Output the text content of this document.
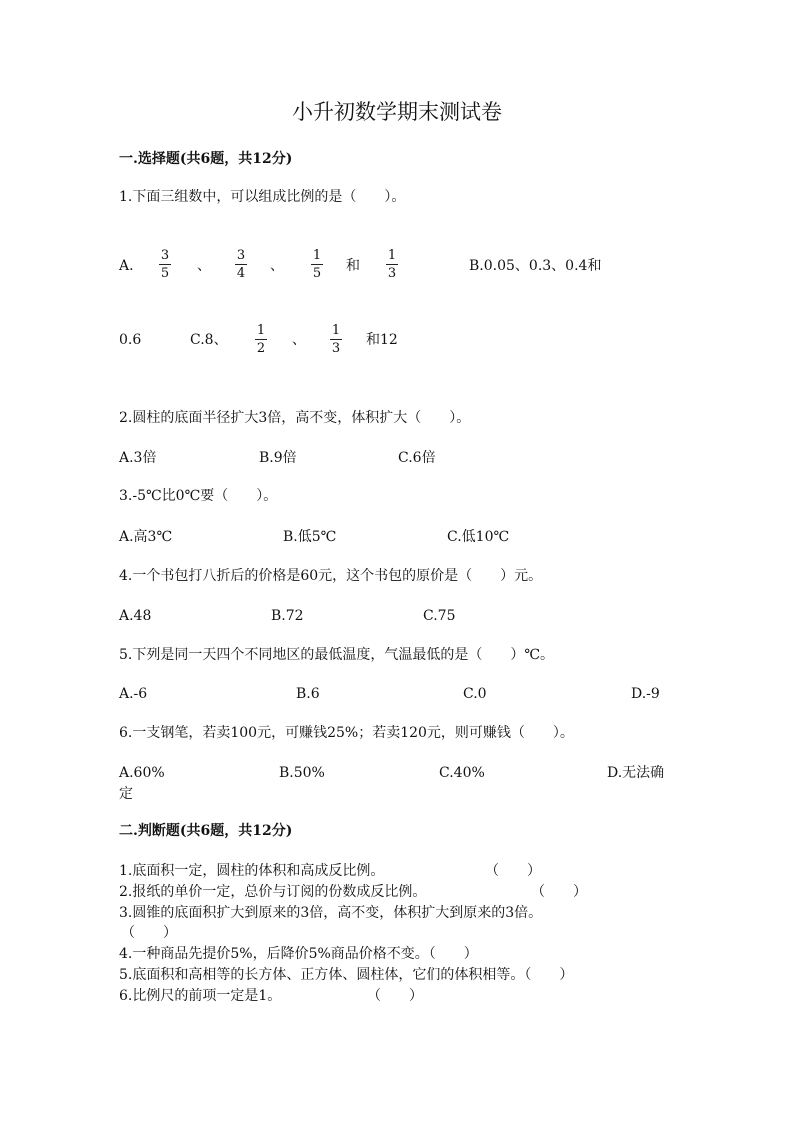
小升初数学期末测试卷
一.选择题(共6题，共12分)
1.下面三组数中，可以组成比例的是（　　）。
A.
3
5 、
3
4 、
1
5 和
1
3	B.0.05、0.3、0.4和
0.6	C.8、
1
2
、
1
3
和12
2.圆柱的底面半径扩大3倍，高不变，体积扩大（　　）。
A.3倍	B.9倍	C.6倍
3.-5℃比0℃要（　　）。
A.高3℃	B.低5℃	C.低10℃
4.一个书包打八折后的价格是60元，这个书包的原价是（　　）元。
A.48	B.72	C.75
5.下列是同一天四个不同地区的最低温度，气温最低的是（　　）℃。
A.-6	B.6	C.0	D.-9
6.一支钢笔，若卖100元，可赚钱25%；若卖120元，则可赚钱（　　）。
A.60%	B.50%	C.40%	D.无法确
定
二.判断题(共6题，共12分)
1.底面积一定，圆柱的体积和高成反比例。	（　　）
2.报纸的单价一定，总价与订阅的份数成反比例。	（　　）
3.圆锥的底面积扩大到原来的3倍，高不变，体积扩大到原来的3倍。
（　　）
4.一种商品先提价5%，后降价5%商品价格不变。（　　）
5.底面积和高相等的长方体、正方体、圆柱体，它们的体积相等。（　　）
6.比例尺的前项一定是1。	（　　）
